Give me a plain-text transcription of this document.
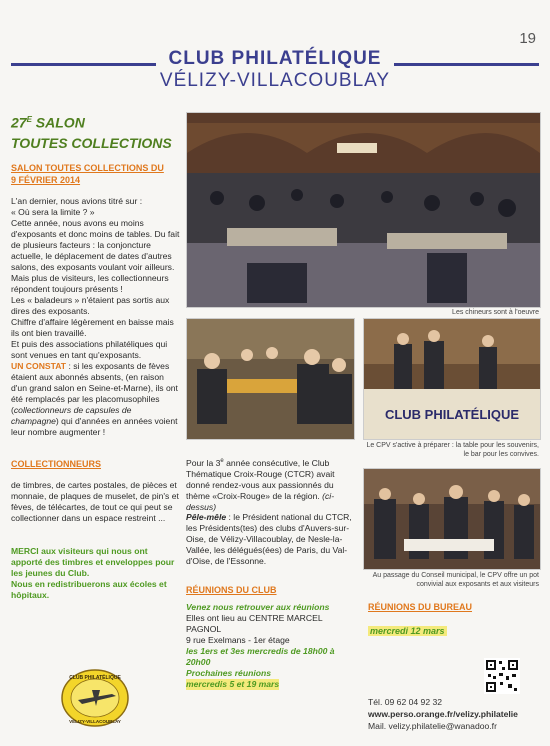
19
CLUB PHILATÉLIQUE
VÉLIZY-VILLACOUBLAY
$27^E$ SALON
TOUTES COLLECTIONS
SALON TOUTES COLLECTIONS DU
9 FÉVRIER 2014

L'an dernier, nous avions titré sur :

« Où sera la limite ? »

Cette année, nous avons eu moins d'exposants et donc moins de tables. Du fait de plusieurs facteurs : la conjoncture actuelle, le déplacement de dates d'autres salons, des exposants voulant voir ailleurs. Mais plus de visiteurs, les collectionneurs répondent toujours présents !

Les « baladeurs » n'étaient pas sortis aux dires des exposants.

Chiffre d'affaire légèrement en baisse mais ils ont bien travaillé.

Et puis des associations philatéliques qui sont venues en tant qu'exposants.

UN CONSTAT : si les exposants de fèves étaient aux abonnés absents, (en raison d'un grand salon en Seine-et-Marne), ils ont été remplacés par les placomusophiles (collectionneurs de capsules de champagne) qui d'années en années voient leur nombre augmenter !

COLLECTIONNEURS
de timbres, de cartes postales, de pièces et monnaie, de plaques de muselet, de pin's et fèves, de télécartes, de tout ce qui peut se collectionner dans un espace restreint ...
MERCI aux visiteurs qui nous ont apporté des timbres et enveloppes pour les jeunes du Club.
Nous en redistribuerons aux écoles et hôpitaux.
CLUB PHILATÉLIQUE
VÉLIZY-VILLACOUBLAY
Les chineurs sont à l'oeuvre
CLUB PHILATÉLIQUE
Le CPV s'active à préparer : la table pour les souvenirs, le bar pour les convives.
Au passage du Conseil municipal, le CPV offre un pot convivial aux exposants et aux visiteurs

Pour la 3e année consécutive, le Club Thématique Croix-Rouge (CTCR) avait donné rendez-vous aux passionnés du thème «Croix-Rouge» de la région. (ci-dessus)

Pêle-mêle : le Président national du CTCR, les Présidents(tes) des clubs d'Auvers-sur-Oise, de Vélizy-Villacoublay, de Nesle-la-Vallée, les délégués(ées) de Paris, du Val-d'Oise, de l'Essonne.

RÉUNIONS DU CLUB

Venez nous retrouver aux réunions

Elles ont lieu au CENTRE MARCEL PAGNOL

9 rue Exelmans - 1er étage

les 1ers et 3es mercredis de 18h00 à 20h00

Prochaines réunions

mercredis 5 et 19 mars

RÉUNIONS DU BUREAU
mercredi 12 mars
Tél. 09 62 04 92 32
www.perso.orange.fr/velizy.philatelie
Mail. velizy.philatelie@wanadoo.fr
